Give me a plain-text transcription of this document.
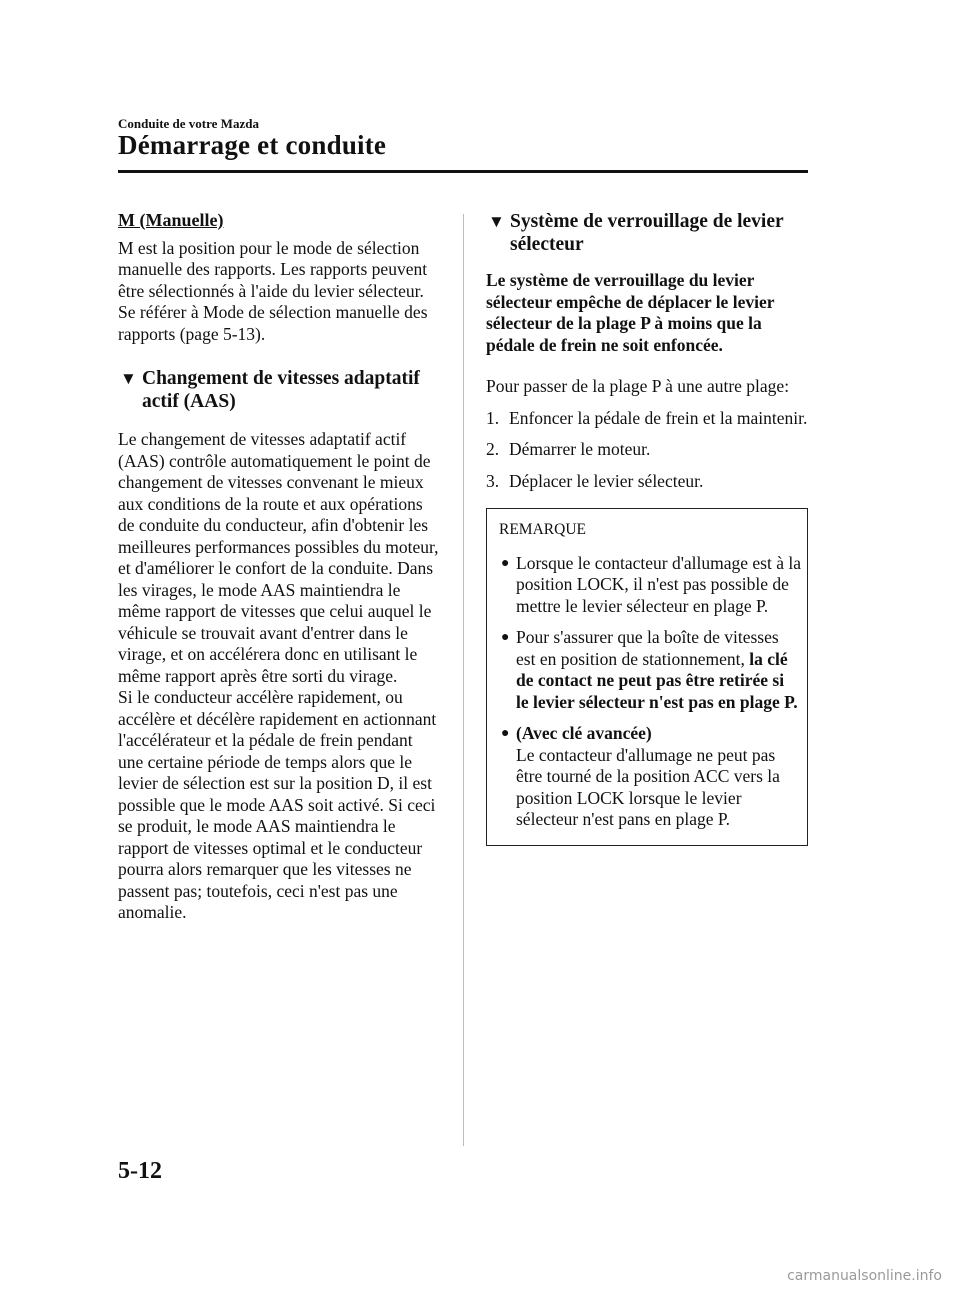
Conduite de votre Mazda
Démarrage et conduite

M (Manuelle)

M est la position pour le mode de sélection manuelle des rapports. Les rapports peuvent être sélectionnés à l'aide du levier sélecteur.

Se référer à Mode de sélection manuelle des rapports (page 5-13).

▼ Changement de vitesses adaptatif actif (AAS)

Le changement de vitesses adaptatif actif (AAS) contrôle automatiquement le point de changement de vitesses convenant le mieux aux conditions de la route et aux opérations de conduite du conducteur, afin d'obtenir les meilleures performances possibles du moteur, et d'améliorer le confort de la conduite. Dans les virages, le mode AAS maintiendra le même rapport de vitesses que celui auquel le véhicule se trouvait avant d'entrer dans le virage, et on accélérera donc en utilisant le même rapport après être sorti du virage.

Si le conducteur accélère rapidement, ou accélère et décélère rapidement en actionnant l'accélérateur et la pédale de frein pendant une certaine période de temps alors que le levier de sélection est sur la position D, il est possible que le mode AAS soit activé. Si ceci se produit, le mode AAS maintiendra le rapport de vitesses optimal et le conducteur pourra alors remarquer que les vitesses ne passent pas; toutefois, ceci n'est pas une anomalie.

▼ Système de verrouillage de levier sélecteur

Le système de verrouillage du levier sélecteur empêche de déplacer le levier sélecteur de la plage P à moins que la pédale de frein ne soit enfoncée.

Pour passer de la plage P à une autre plage:

1. Enfoncer la pédale de frein et la maintenir.
2. Démarrer le moteur.
3. Déplacer le levier sélecteur.

REMARQUE

● Lorsque le contacteur d'allumage est à la position LOCK, il n'est pas possible de mettre le levier sélecteur en plage P.
● Pour s'assurer que la boîte de vitesses est en position de stationnement, la clé de contact ne peut pas être retirée si le levier sélecteur n'est pas en plage P.
● (Avec clé avancée)
Le contacteur d'allumage ne peut pas être tourné de la position ACC vers la position LOCK lorsque le levier sélecteur n'est pans en plage P.
5-12
carmanualsonline.info
